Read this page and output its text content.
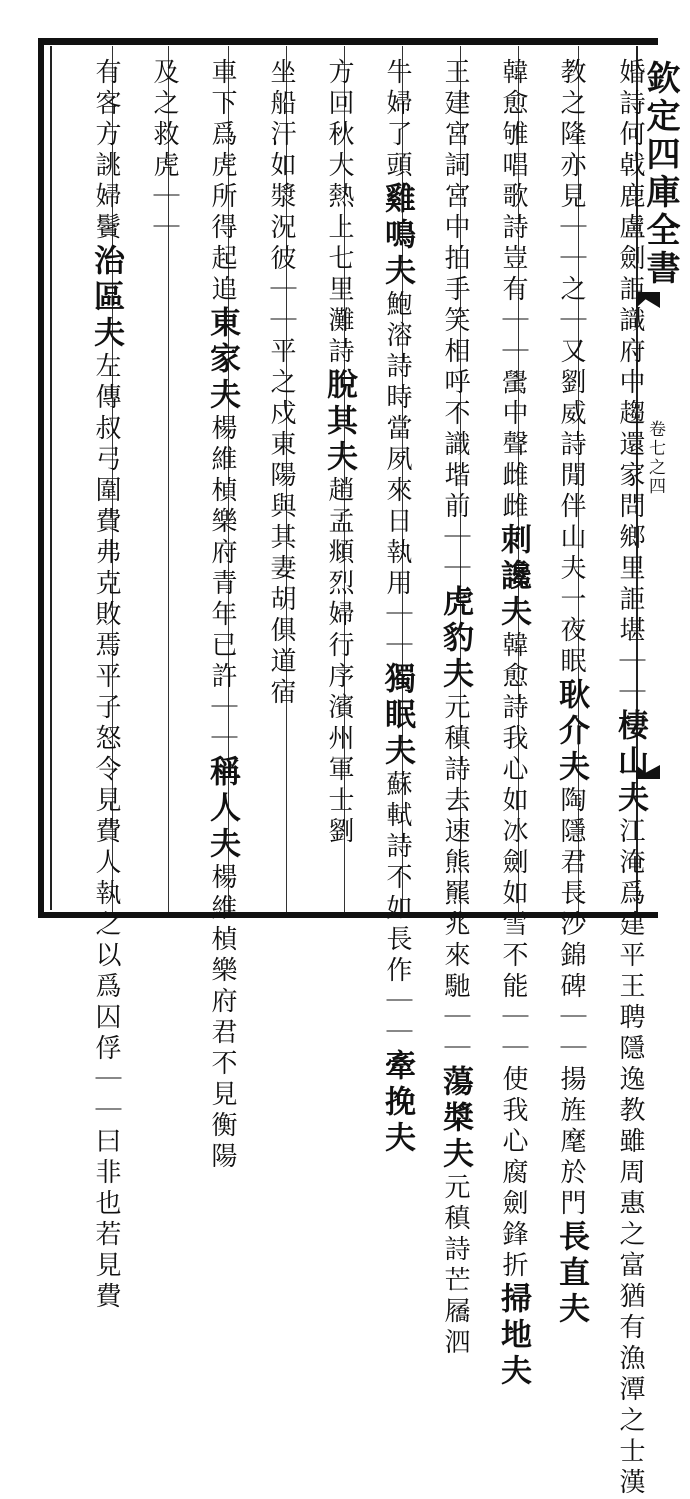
欽定四庫全書
卷七之四
婚詩何㦸鹿盧劍詎識府中趨還家問鄉里詎堪｜｜棲山夫江淹爲建平王聘隱逸教雖周惠之富猶有漁潭之士漢
教之隆亦見｜｜之｜又劉威詩閒伴山夫一夜眠耿介夫陶隱君長沙錦碑｜｜揚旌麾於門長直夫
韓愈雊唱歌詩豈有｜｜𥝊中聲雌雌刺讒夫韓愈詩我心如冰劍如雪不能｜｜使我心腐劍鋒折掃地夫
王建宮詞宮中拍手笑相呼不識堦前｜｜虎豹夫元稹詩去速熊羆兆來馳｜｜蕩槳夫元稹詩芒屩泗
牛婦了頭雞鳴夫鮑溶詩時當夙來日執用｜｜獨眠夫蘇軾詩不如長作｜｜牽挽夫
方回秋大熱上七里灘詩脫其夫趙孟頫烈婦行序濱州軍士劉
坐船汗如漿況彼｜｜平之戍東陽與其妻胡俱道宿
車下爲虎所得起追東家夫楊維楨樂府青年已許｜｜稱人夫楊維楨樂府君不見衡陽
及之救虎｜｜
有客方誂婦鬢治區夫左傳叔弓圍費弗克敗焉平子怒令見費人執之以爲囚俘｜｜曰非也若見費
